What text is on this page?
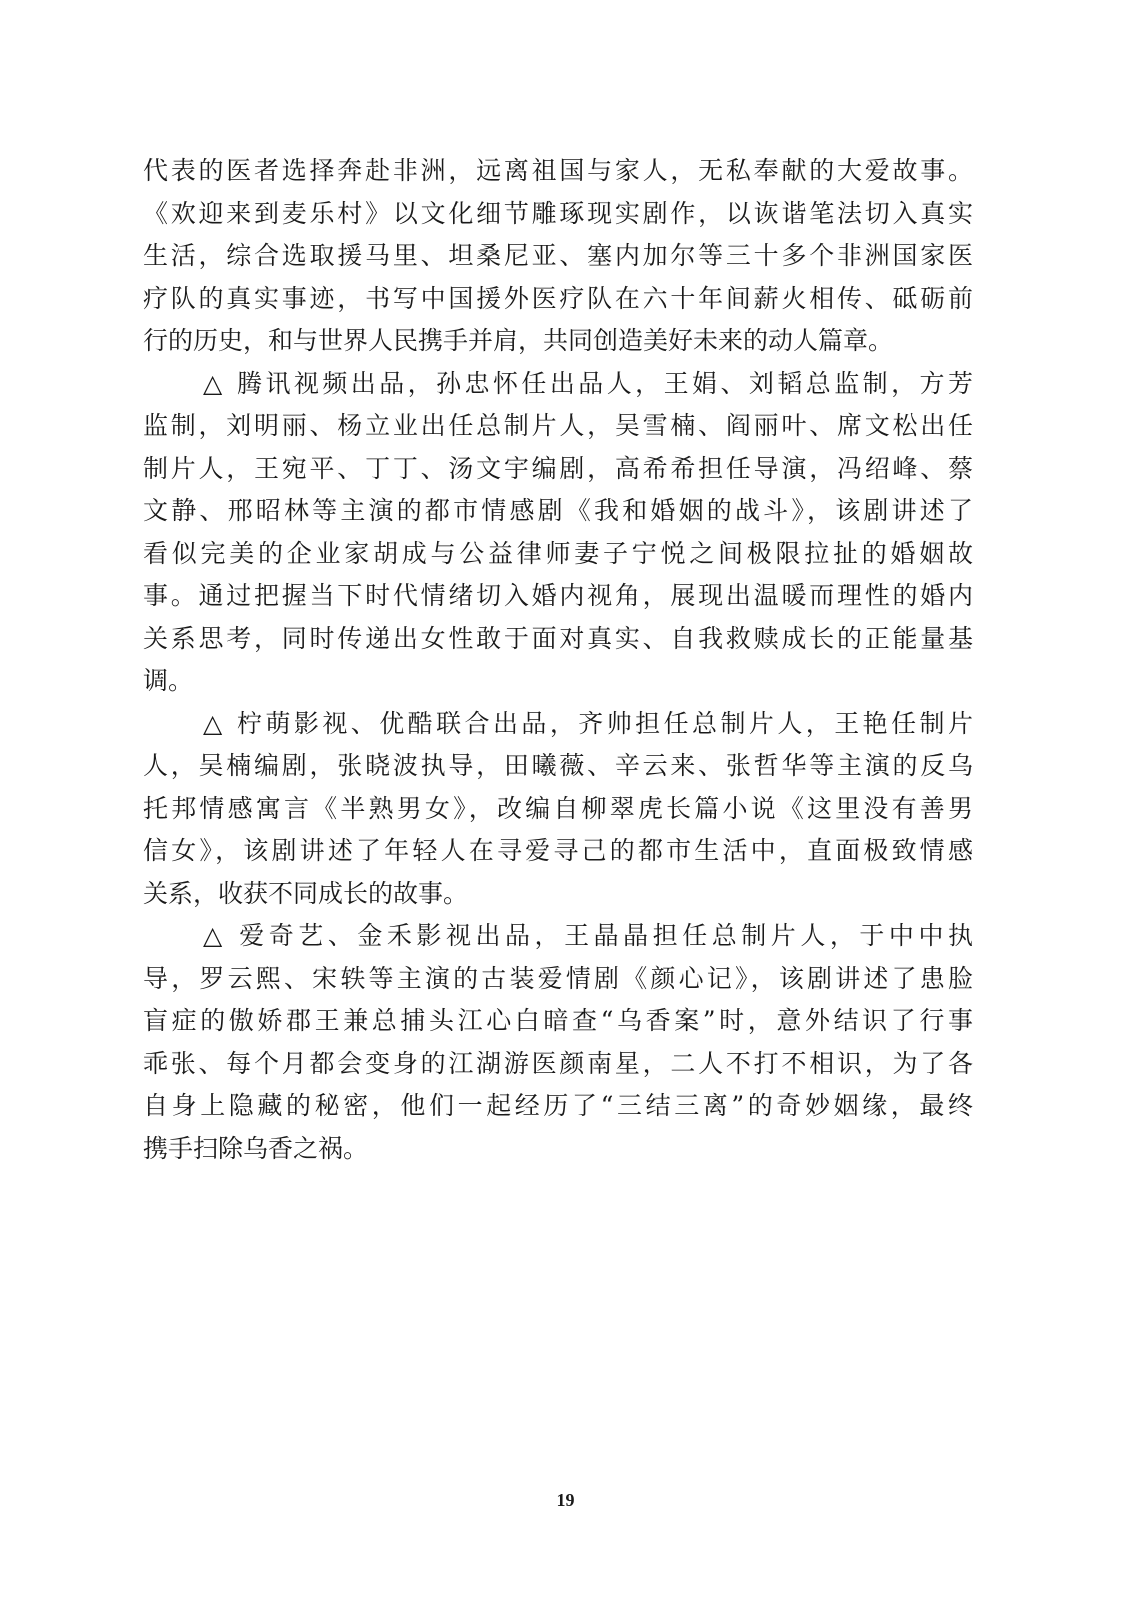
代表的医者选择奔赴非洲，远离祖国与家人，无私奉献的大爱故事。
《欢迎来到麦乐村》以文化细节雕琢现实剧作，以诙谐笔法切入真实
生活，综合选取援马里、坦桑尼亚、塞内加尔等三十多个非洲国家医
疗队的真实事迹，书写中国援外医疗队在六十年间薪火相传、砥砺前
行的历史，和与世界人民携手并肩，共同创造美好未来的动人篇章。
△ 腾讯视频出品，孙忠怀任出品人，王娟、刘韬总监制，方芳
监制，刘明丽、杨立业出任总制片人，吴雪楠、阎丽叶、席文松出任
制片人，王宛平、丁丁、汤文宇编剧，高希希担任导演，冯绍峰、蔡
文静、邢昭林等主演的都市情感剧《我和婚姻的战斗》，该剧讲述了
看似完美的企业家胡成与公益律师妻子宁悦之间极限拉扯的婚姻故
事。通过把握当下时代情绪切入婚内视角，展现出温暖而理性的婚内
关系思考，同时传递出女性敢于面对真实、自我救赎成长的正能量基
调。
△ 柠萌影视、优酷联合出品，齐帅担任总制片人，王艳任制片
人，吴楠编剧，张晓波执导，田曦薇、辛云来、张哲华等主演的反乌
托邦情感寓言《半熟男女》，改编自柳翠虎长篇小说《这里没有善男
信女》，该剧讲述了年轻人在寻爱寻己的都市生活中，直面极致情感
关系，收获不同成长的故事。
△ 爱奇艺、金禾影视出品，王晶晶担任总制片人，于中中执
导，罗云熙、宋轶等主演的古装爱情剧《颜心记》，该剧讲述了患脸
盲症的傲娇郡王兼总捕头江心白暗查“乌香案”时，意外结识了行事
乖张、每个月都会变身的江湖游医颜南星，二人不打不相识，为了各
自身上隐藏的秘密，他们一起经历了“三结三离”的奇妙姻缘，最终
携手扫除乌香之祸。
19
